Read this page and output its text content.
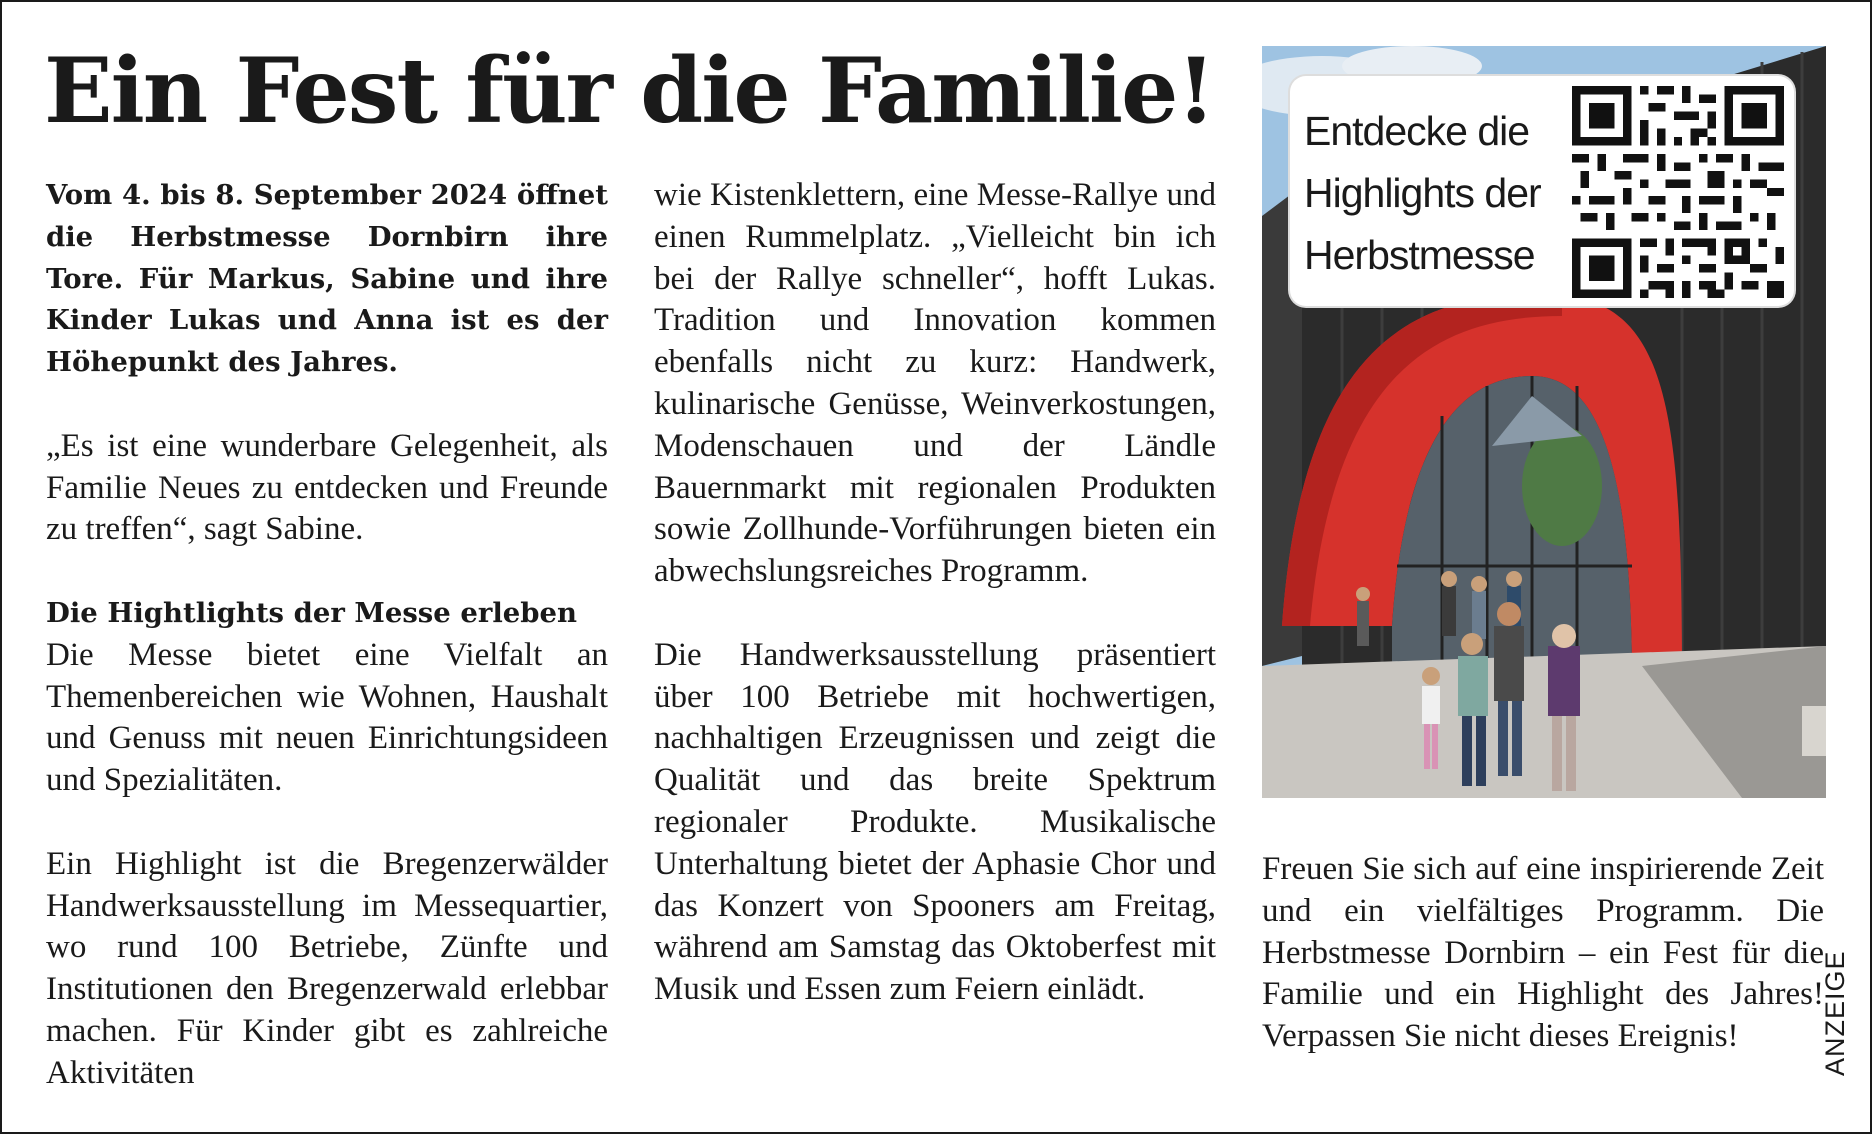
Ein Fest für die Familie!

Vom 4. bis 8. September 2024 öffnet die Herbstmesse Dornbirn ihre Tore. Für Markus, Sabine und ihre Kinder Lukas und Anna ist es der Höhepunkt des Jahres.

„Es ist eine wunderbare Gelegenheit, als Familie Neues zu entdecken und Freunde zu treffen“, sagt Sabine.

Die Hightlights der Messe erleben

Die Messe bietet eine Vielfalt an Themenbereichen wie Wohnen, Haushalt und Genuss mit neuen Einrichtungsideen und Spezialitäten.

Ein Highlight ist die Bregenzerwälder Handwerksausstellung im Messequartier, wo rund 100 Betriebe, Zünfte und Institutionen den Bregenzerwald erlebbar machen. Für Kinder gibt es zahlreiche Aktivitäten

wie Kistenklettern, eine Messe-Rallye und einen Rummelplatz. „Vielleicht bin ich bei der Rallye schneller“, hofft Lukas. Tradition und Innovation kommen ebenfalls nicht zu kurz: Handwerk, kulinarische Genüsse, Weinverkostungen, Modenschauen und der Ländle Bauernmarkt mit regionalen Produkten sowie Zollhunde-Vorführungen bieten ein abwechslungsreiches Programm.

Die Handwerksausstellung präsentiert über 100 Betriebe mit hochwertigen, nachhaltigen Erzeugnissen und zeigt die Qualität und das breite Spektrum regionaler Produkte. Musikalische Unterhaltung bietet der Aphasie Chor und das Konzert von Spooners am Freitag, während am Samstag das Oktoberfest mit Musik und Essen zum Feiern einlädt.

Entdecke die
Highlights der
Herbstmesse

Freuen Sie sich auf eine inspirierende Zeit und ein vielfältiges Programm. Die Herbstmesse Dornbirn – ein Fest für die Familie und ein Highlight des Jahres! Verpassen Sie nicht dieses Ereignis!	ANZEIGE
